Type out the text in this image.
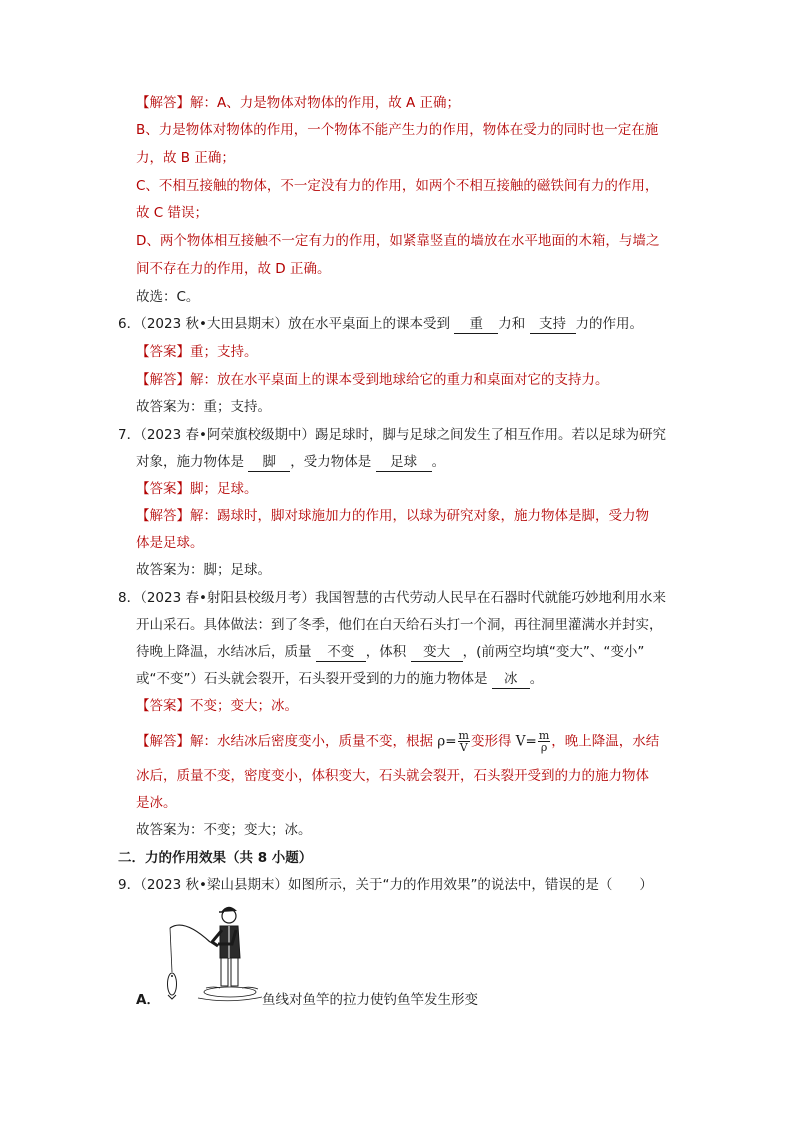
【解答】解：A、力是物体对物体的作用，故 A 正确；
B、力是物体对物体的作用，一个物体不能产生力的作用，物体在受力的同时也一定在施
力，故 B 正确；
C、不相互接触的物体，不一定没有力的作用，如两个不相互接触的磁铁间有力的作用，
故 C 错误；
D、两个物体相互接触不一定有力的作用，如紧靠竖直的墙放在水平地面的木箱，与墙之
间不存在力的作用，故 D 正确。
故选：C。
6．（2023 秋•大田县期末）放在水平桌面上的课本受到 重 力和 支持 力的作用。
【答案】重；支持。
【解答】解：放在水平桌面上的课本受到地球给它的重力和桌面对它的支持力。
故答案为：重；支持。
7．（2023 春•阿荣旗校级期中）踢足球时，脚与足球之间发生了相互作用。若以足球为研究
对象，施力物体是 脚 ，受力物体是 足球 。
【答案】脚；足球。
【解答】解：踢球时，脚对球施加力的作用，以球为研究对象，施力物体是脚，受力物
体是足球。
故答案为：脚；足球。
8．（2023 春•射阳县校级月考）我国智慧的古代劳动人民早在石器时代就能巧妙地利用水来
开山采石。具体做法：到了冬季，他们在白天给石头打一个洞，再往洞里灌满水并封实，
待晚上降温，水结冰后，质量 不变 ，体积 变大 ，(前两空均填“变大”、“变小”
或“不变”）石头就会裂开，石头裂开受到的力的施力物体是 冰 。
【答案】不变；变大；冰。
【解答】解：水结冰后密度变小，质量不变，根据 $\rho= \frac{m}{V}$ 变形得 $V= \frac{m}{\rho}$ ，晚上降温，水结
冰后，质量不变，密度变小，体积变大，石头就会裂开，石头裂开受到的力的施力物体
是冰。
故答案为：不变；变大；冰。
二．力的作用效果（共 8 小题）
9．（2023 秋•梁山县期末）如图所示，关于“力的作用效果”的说法中，错误的是（　　）
A．	鱼线对鱼竿的拉力使钓鱼竿发生形变
